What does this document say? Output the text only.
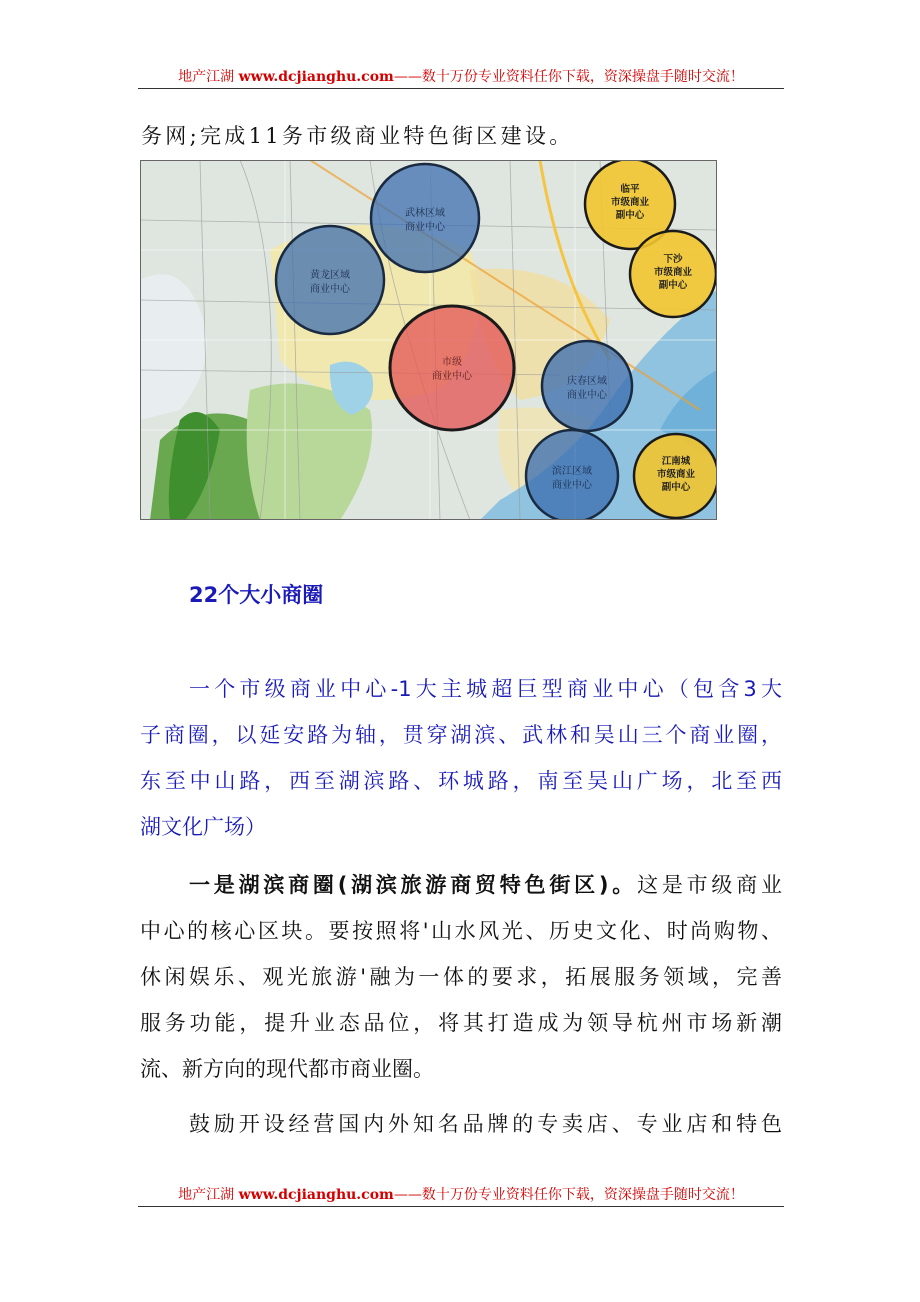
地产江湖 www.dcjianghu.com——数十万份专业资料任你下载，资深操盘手随时交流！
务网;完成11务市级商业特色街区建设。
武林区域
商业中心
黄龙区域
商业中心
市级
商业中心	庆春区域
商业中心
滨江区域
商业中心
临平
市级商业
副中心
下沙
市级商业
副中心
江南城
市级商业
副中心
22个大小商圈
一个市级商业中心-1大主城超巨型商业中心（包含3大
子商圈，以延安路为轴，贯穿湖滨、武林和吴山三个商业圈，
东至中山路，西至湖滨路、环城路，南至吴山广场，北至西
湖文化广场）
一是湖滨商圈(湖滨旅游商贸特色街区)。这是市级商业
中心的核心区块。要按照将'山水风光、历史文化、时尚购物、
休闲娱乐、观光旅游'融为一体的要求，拓展服务领域，完善
服务功能，提升业态品位，将其打造成为领导杭州市场新潮
流、新方向的现代都市商业圈。
鼓励开设经营国内外知名品牌的专卖店、专业店和特色
地产江湖 www.dcjianghu.com——数十万份专业资料任你下载，资深操盘手随时交流！
